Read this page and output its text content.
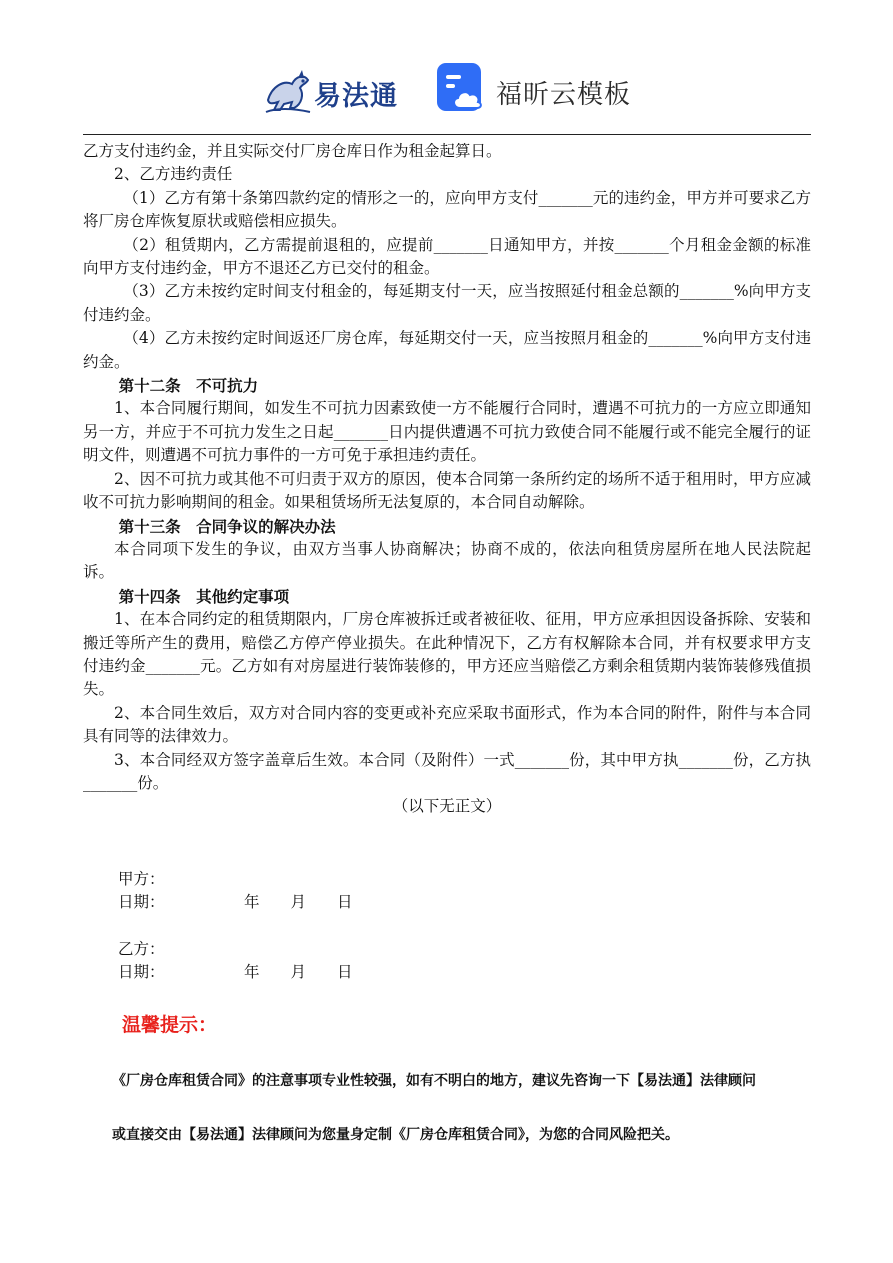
易法通	福昕云模板

乙方支付违约金，并且实际交付厂房仓库日作为租金起算日。

2、乙方违约责任

（1）乙方有第十条第四款约定的情形之一的，应向甲方支付_______元的违约金，甲方并可要求乙方将厂房仓库恢复原状或赔偿相应损失。

（2）租赁期内，乙方需提前退租的，应提前_______日通知甲方，并按_______个月租金金额的标准向甲方支付违约金，甲方不退还乙方已交付的租金。

（3）乙方未按约定时间支付租金的，每延期支付一天，应当按照延付租金总额的_______%向甲方支付违约金。

（4）乙方未按约定时间返还厂房仓库，每延期交付一天，应当按照月租金的_______%向甲方支付违约金。

第十二条　不可抗力

1、本合同履行期间，如发生不可抗力因素致使一方不能履行合同时，遭遇不可抗力的一方应立即通知另一方，并应于不可抗力发生之日起_______日内提供遭遇不可抗力致使合同不能履行或不能完全履行的证明文件，则遭遇不可抗力事件的一方可免于承担违约责任。

2、因不可抗力或其他不可归责于双方的原因，使本合同第一条所约定的场所不适于租用时，甲方应减收不可抗力影响期间的租金。如果租赁场所无法复原的，本合同自动解除。

第十三条　合同争议的解决办法

本合同项下发生的争议，由双方当事人协商解决；协商不成的，依法向租赁房屋所在地人民法院起诉。

第十四条　其他约定事项

1、在本合同约定的租赁期限内，厂房仓库被拆迁或者被征收、征用，甲方应承担因设备拆除、安装和搬迁等所产生的费用，赔偿乙方停产停业损失。在此种情况下，乙方有权解除本合同，并有权要求甲方支付违约金_______元。乙方如有对房屋进行装饰装修的，甲方还应当赔偿乙方剩余租赁期内装饰装修残值损失。

2、本合同生效后，双方对合同内容的变更或补充应采取书面形式，作为本合同的附件，附件与本合同具有同等的法律效力。

3、本合同经双方签字盖章后生效。本合同（及附件）一式_______份，其中甲方执_______份，乙方执_______份。

（以下无正文）

甲方：
日期：	年　　月　　日
乙方：
日期：	年　　月　　日
温馨提示：
《厂房仓库租赁合同》的注意事项专业性较强，如有不明白的地方，建议先咨询一下【易法通】法律顾问
或直接交由【易法通】法律顾问为您量身定制《厂房仓库租赁合同》，为您的合同风险把关。
